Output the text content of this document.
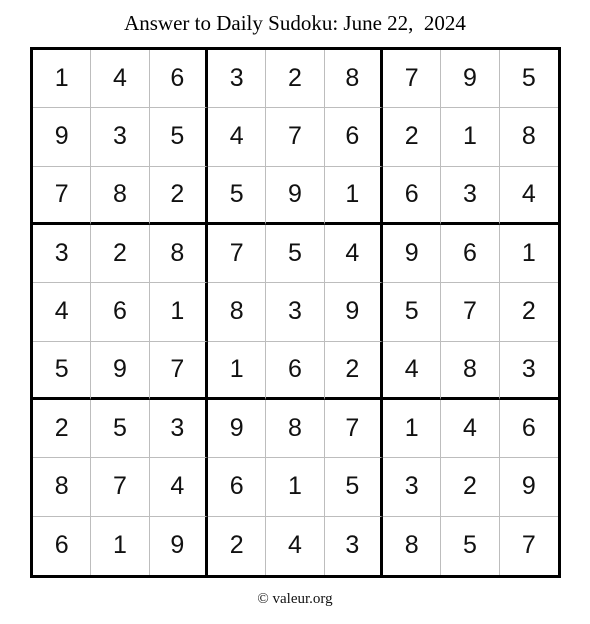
Answer to Daily Sudoku: June 22,  2024
1	4	6	3	2	8	7	9	5
9	3	5	4	7	6	2	1	8
7	8	2	5	9	1	6	3	4
3	2	8	7	5	4	9	6	1
4	6	1	8	3	9	5	7	2
5	9	7	1	6	2	4	8	3
2	5	3	9	8	7	1	4	6
8	7	4	6	1	5	3	2	9
6	1	9	2	4	3	8	5	7
© valeur.org
